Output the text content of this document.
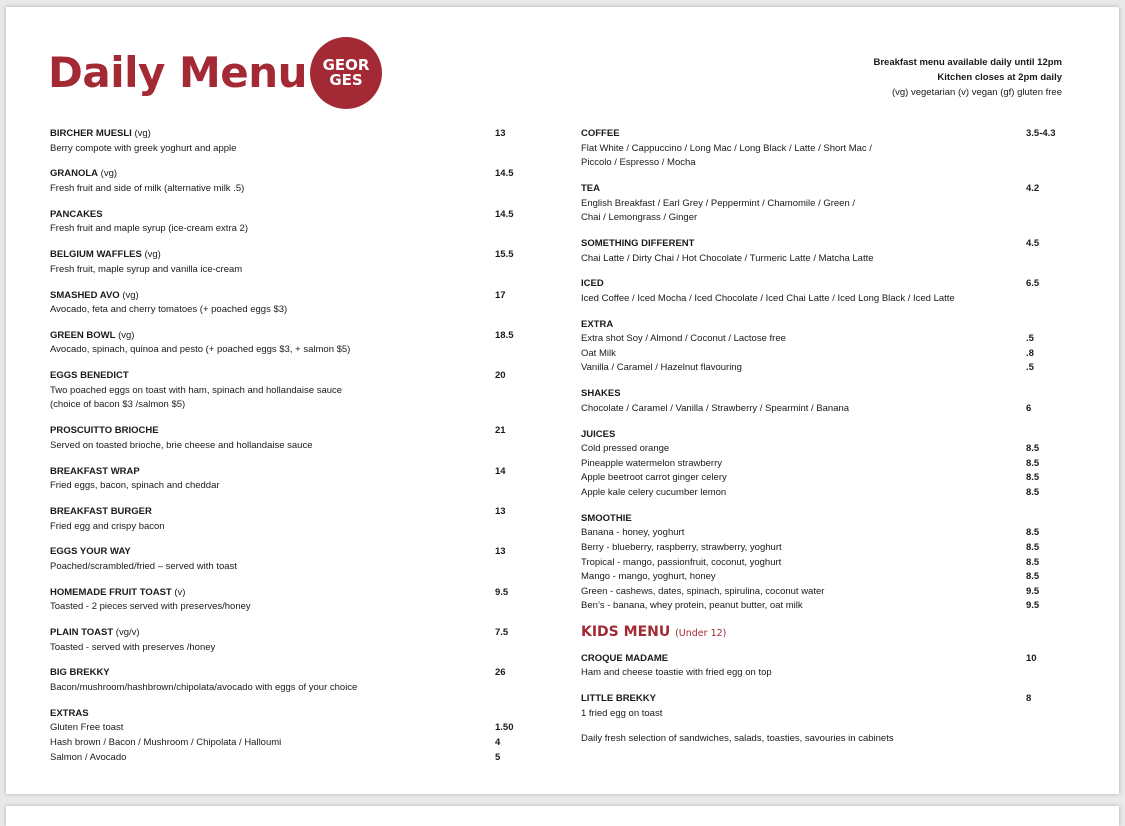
Daily Menu GEOR
GES
Breakfast menu available daily until 12pm
Kitchen closes at 2pm daily
(vg) vegetarian (v) vegan (gf) gluten free
BIRCHER MUESLI (vg)	13
Berry compote with greek yoghurt and apple
GRANOLA (vg)	14.5
Fresh fruit and side of milk (alternative milk .5)
PANCAKES	14.5
Fresh fruit and maple syrup (ice-cream extra 2)
BELGIUM WAFFLES (vg)	15.5
Fresh fruit, maple syrup and vanilla ice-cream
SMASHED AVO (vg)	17
Avocado, feta and cherry tomatoes (+ poached eggs $3)
GREEN BOWL (vg)	18.5
Avocado, spinach, quinoa and pesto (+ poached eggs $3, + salmon $5)
EGGS BENEDICT	20
Two poached eggs on toast with ham, spinach and hollandaise sauce
(choice of bacon $3 /salmon $5)
PROSCUITTO BRIOCHE	21
Served on toasted brioche, brie cheese and hollandaise sauce
BREAKFAST WRAP	14
Fried eggs, bacon, spinach and cheddar
BREAKFAST BURGER	13
Fried egg and crispy bacon
EGGS YOUR WAY	13
Poached/scrambled/fried – served with toast
HOMEMADE FRUIT TOAST (v)	9.5
Toasted - 2 pieces served with preserves/honey
PLAIN TOAST (vg/v)	7.5
Toasted - served with preserves /honey
BIG BREKKY	26
Bacon/mushroom/hashbrown/chipolata/avocado with eggs of your choice
EXTRAS
Gluten Free toast	1.50
Hash brown / Bacon / Mushroom / Chipolata / Halloumi	4
Salmon / Avocado	5
COFFEE	3.5-4.3
Flat White / Cappuccino / Long Mac / Long Black / Latte / Short Mac /
Piccolo / Espresso / Mocha
TEA	4.2
English Breakfast / Earl Grey / Peppermint / Chamomile / Green /
Chai / Lemongrass / Ginger
SOMETHING DIFFERENT	4.5
Chai Latte / Dirty Chai / Hot Chocolate / Turmeric Latte / Matcha Latte
ICED	6.5
Iced Coffee / Iced Mocha / Iced Chocolate / Iced Chai Latte / Iced Long Black / Iced Latte
EXTRA
Extra shot Soy / Almond / Coconut / Lactose free	.5
Oat Milk	.8
Vanilla / Caramel / Hazelnut flavouring	.5
SHAKES
Chocolate / Caramel / Vanilla / Strawberry / Spearmint / Banana	6
JUICES
Cold pressed orange	8.5
Pineapple watermelon strawberry	8.5
Apple beetroot carrot ginger celery	8.5
Apple kale celery cucumber lemon	8.5
SMOOTHIE
Banana - honey, yoghurt	8.5
Berry - blueberry, raspberry, strawberry, yoghurt	8.5
Tropical - mango, passionfruit, coconut, yoghurt	8.5
Mango - mango, yoghurt, honey	8.5
Green - cashews, dates, spinach, spirulina, coconut water	9.5
Ben’s - banana, whey protein, peanut butter, oat milk	9.5
KIDS MENU (Under 12)
CROQUE MADAME	10
Ham and cheese toastie with fried egg on top
LITTLE BREKKY	8
1 fried egg on toast
Daily fresh selection of sandwiches, salads, toasties, savouries in cabinets
